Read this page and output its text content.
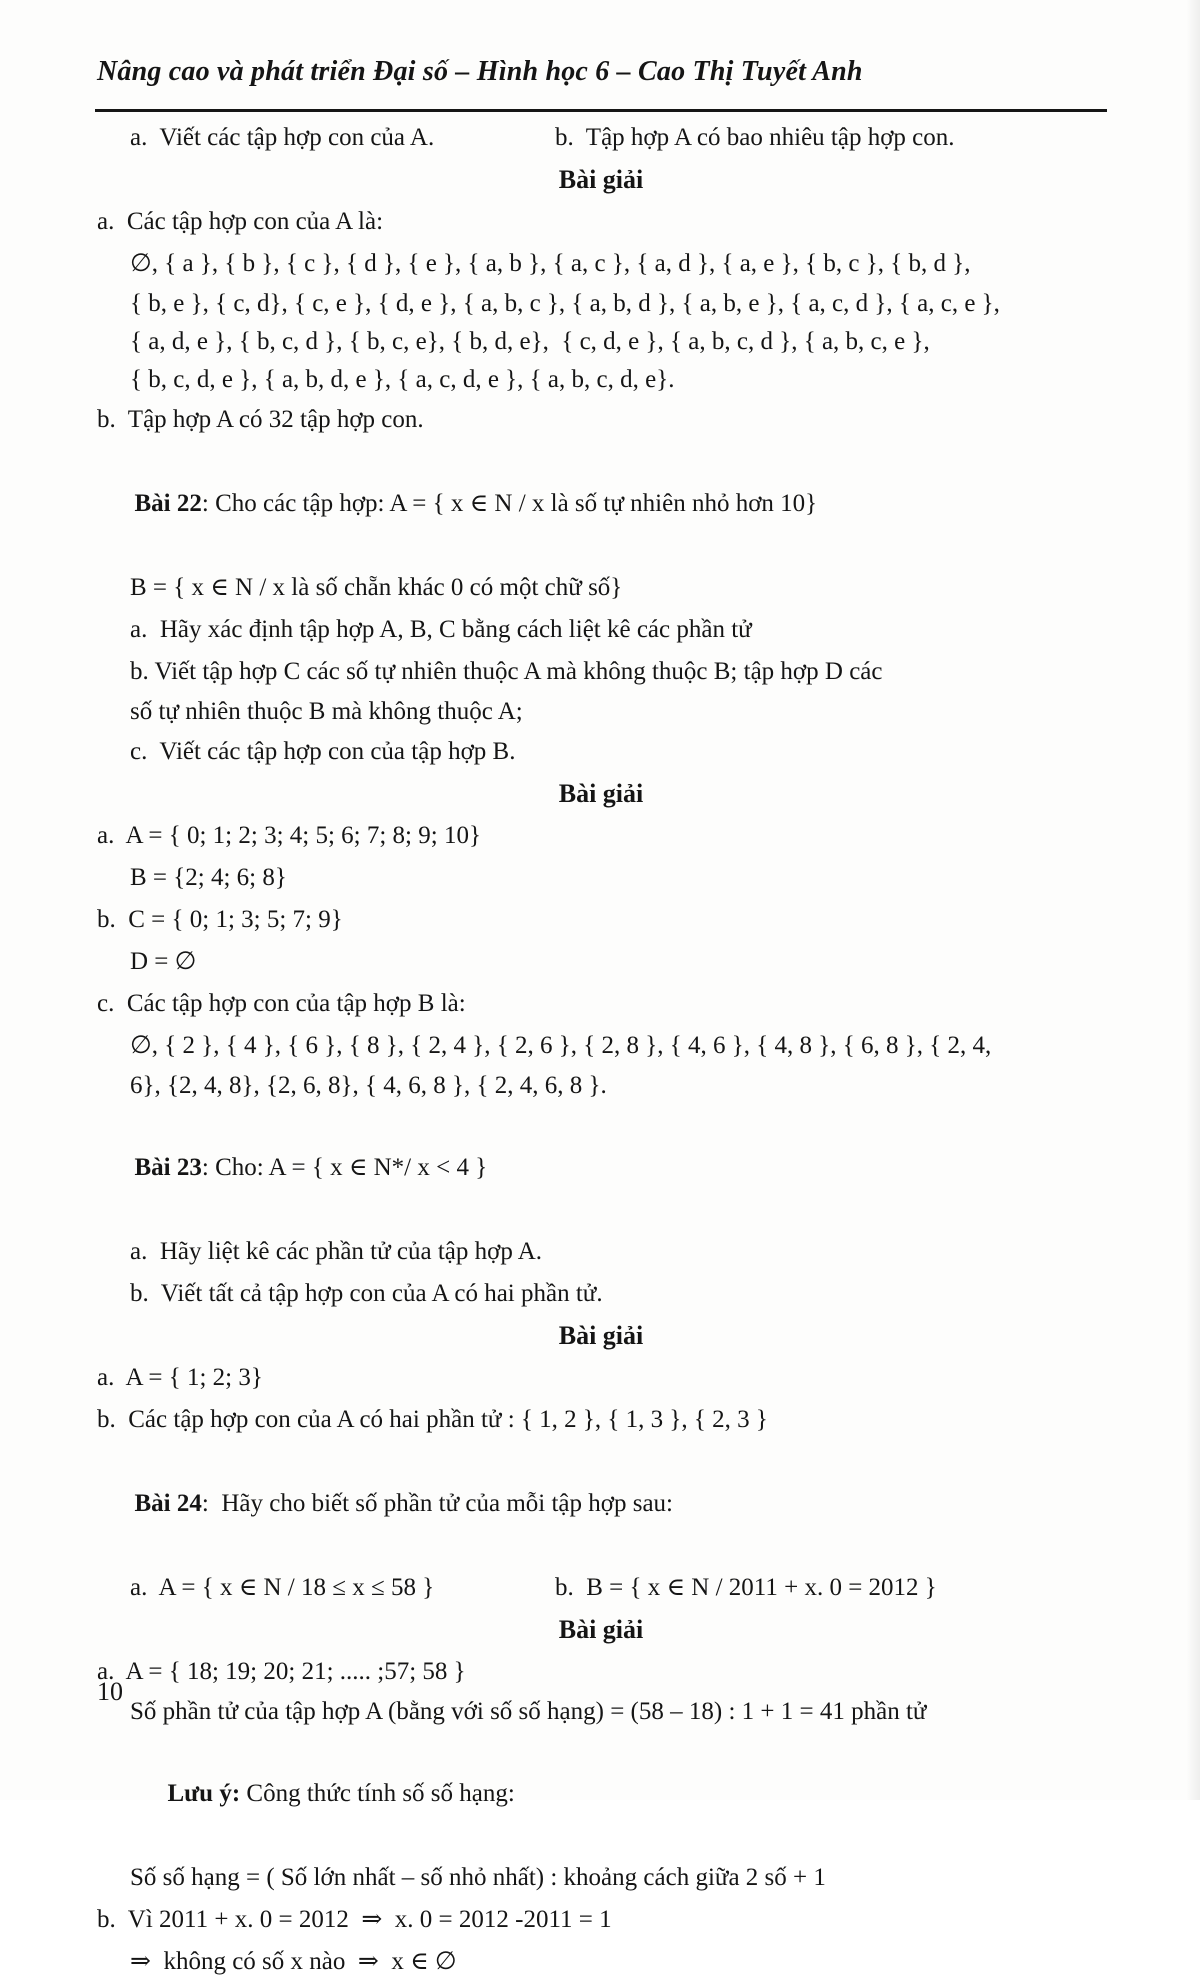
Nâng cao và phát triển Đại số – Hình học 6 – Cao Thị Tuyết Anh
a.  Viết các tập hợp con của A.	b.  Tập hợp A có bao nhiêu tập hợp con.
Bài giải
a.  Các tập hợp con của A là:
∅, { a }, { b }, { c }, { d }, { e }, { a, b }, { a, c }, { a, d }, { a, e }, { b, c }, { b, d },
{ b, e }, { c, d}, { c, e }, { d, e }, { a, b, c }, { a, b, d }, { a, b, e }, { a, c, d }, { a, c, e },
{ a, d, e }, { b, c, d }, { b, c, e}, { b, d, e},  { c, d, e }, { a, b, c, d }, { a, b, c, e },
{ b, c, d, e }, { a, b, d, e }, { a, c, d, e }, { a, b, c, d, e}.
b.  Tập hợp A có 32 tập hợp con.

Bài 22: Cho các tập hợp: A = { x ∈ N / x là số tự nhiên nhỏ hơn 10}

B = { x ∈ N / x là số chẵn khác 0 có một chữ số}
a.  Hãy xác định tập hợp A, B, C bằng cách liệt kê các phần tử
b. Viết tập hợp C các số tự nhiên thuộc A mà không thuộc B; tập hợp D các
số tự nhiên thuộc B mà không thuộc A;
c.  Viết các tập hợp con của tập hợp B.
Bài giải
a.  A = { 0; 1; 2; 3; 4; 5; 6; 7; 8; 9; 10}
B = {2; 4; 6; 8}
b.  C = { 0; 1; 3; 5; 7; 9}
D = ∅
c.  Các tập hợp con của tập hợp B là:
∅, { 2 }, { 4 }, { 6 }, { 8 }, { 2, 4 }, { 2, 6 }, { 2, 8 }, { 4, 6 }, { 4, 8 }, { 6, 8 }, { 2, 4,
6}, {2, 4, 8}, {2, 6, 8}, { 4, 6, 8 }, { 2, 4, 6, 8 }.

Bài 23: Cho: A = { x ∈ N*/ x < 4 }

a.  Hãy liệt kê các phần tử của tập hợp A.
b.  Viết tất cả tập hợp con của A có hai phần tử.
Bài giải
a.  A = { 1; 2; 3}
b.  Các tập hợp con của A có hai phần tử : { 1, 2 }, { 1, 3 }, { 2, 3 }

Bài 24:  Hãy cho biết số phần tử của mỗi tập hợp sau:

a.  A = { x ∈ N / 18 ≤ x ≤ 58 }	b.  B = { x ∈ N / 2011 + x. 0 = 2012 }
Bài giải
a.  A = { 18; 19; 20; 21; ..... ;57; 58 }
Số phần tử của tập hợp A (bằng với số số hạng) = (58 – 18) : 1 + 1 = 41 phần tử

Lưu ý: Công thức tính số số hạng:

Số số hạng = ( Số lớn nhất – số nhỏ nhất) : khoảng cách giữa 2 số + 1
b.  Vì 2011 + x. 0 = 2012  ⇒  x. 0 = 2012 -2011 = 1
⇒  không có số x nào  ⇒  x ∈ ∅
10
